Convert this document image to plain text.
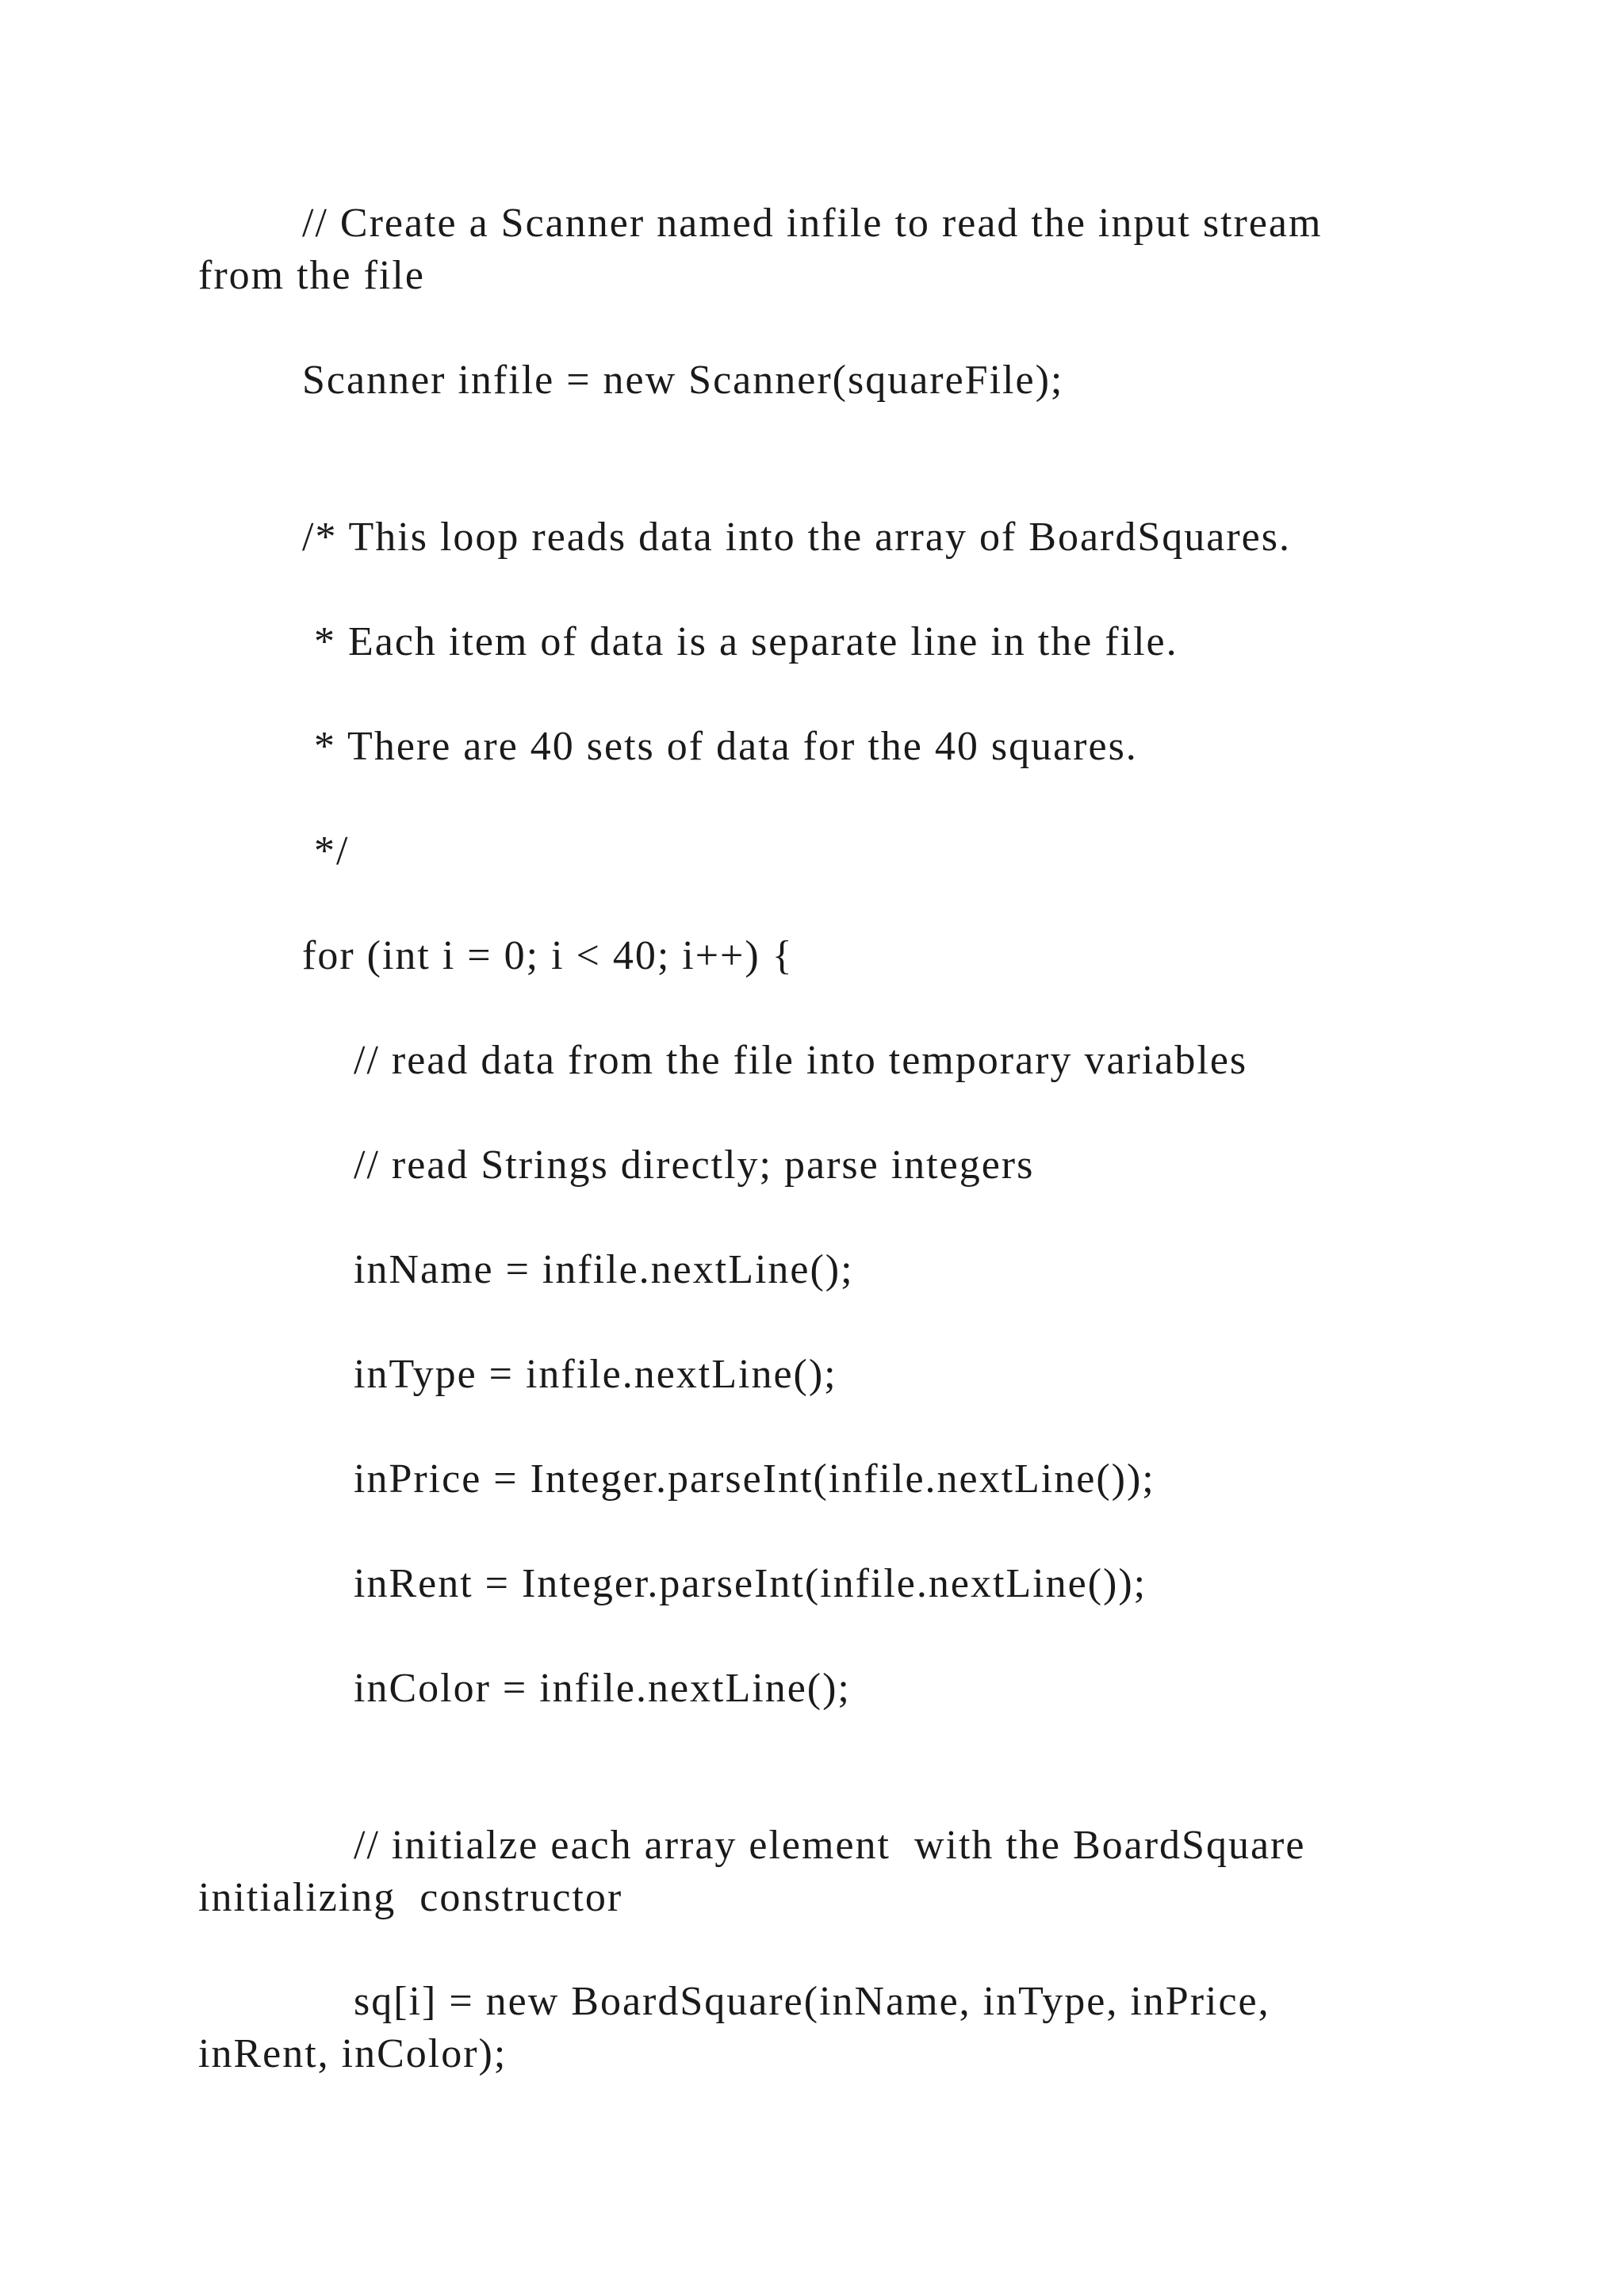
// Create a Scanner named infile to read the input stream

from the file

Scanner infile = new Scanner(squareFile);

/* This loop reads data into the array of BoardSquares.

* Each item of data is a separate line in the file.

* There are 40 sets of data for the 40 squares.

*/

for (int i = 0; i < 40; i++) {

// read data from the file into temporary variables

// read Strings directly; parse integers

inName = infile.nextLine();

inType = infile.nextLine();

inPrice = Integer.parseInt(infile.nextLine());

inRent = Integer.parseInt(infile.nextLine());

inColor = infile.nextLine();

// initialze each array element  with the BoardSquare

initializing  constructor

sq[i] = new BoardSquare(inName, inType, inPrice,

inRent, inColor);
